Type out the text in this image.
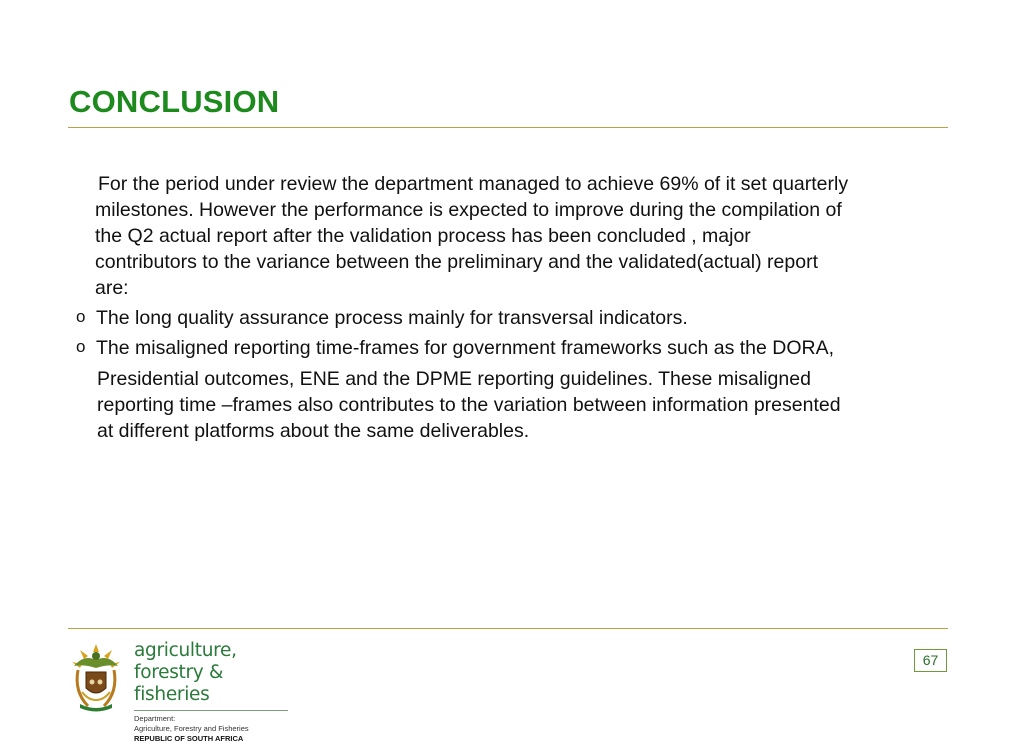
CONCLUSION
For the period under review the department managed to achieve 69% of it set quarterly
milestones. However the performance is expected to improve during the compilation of
the Q2 actual report after the validation process has been concluded , major
contributors to the variance between the preliminary and the validated(actual) report
are:
o The long quality assurance process mainly for transversal indicators.
o The misaligned reporting time-frames for government frameworks such as the DORA,
Presidential outcomes, ENE and the DPME reporting guidelines. These misaligned
reporting time –frames also contributes to the variation between information presented
at different platforms about the same deliverables.
agriculture,
forestry & fisheries
Department:
Agriculture, Forestry and Fisheries
REPUBLIC OF SOUTH AFRICA
67
